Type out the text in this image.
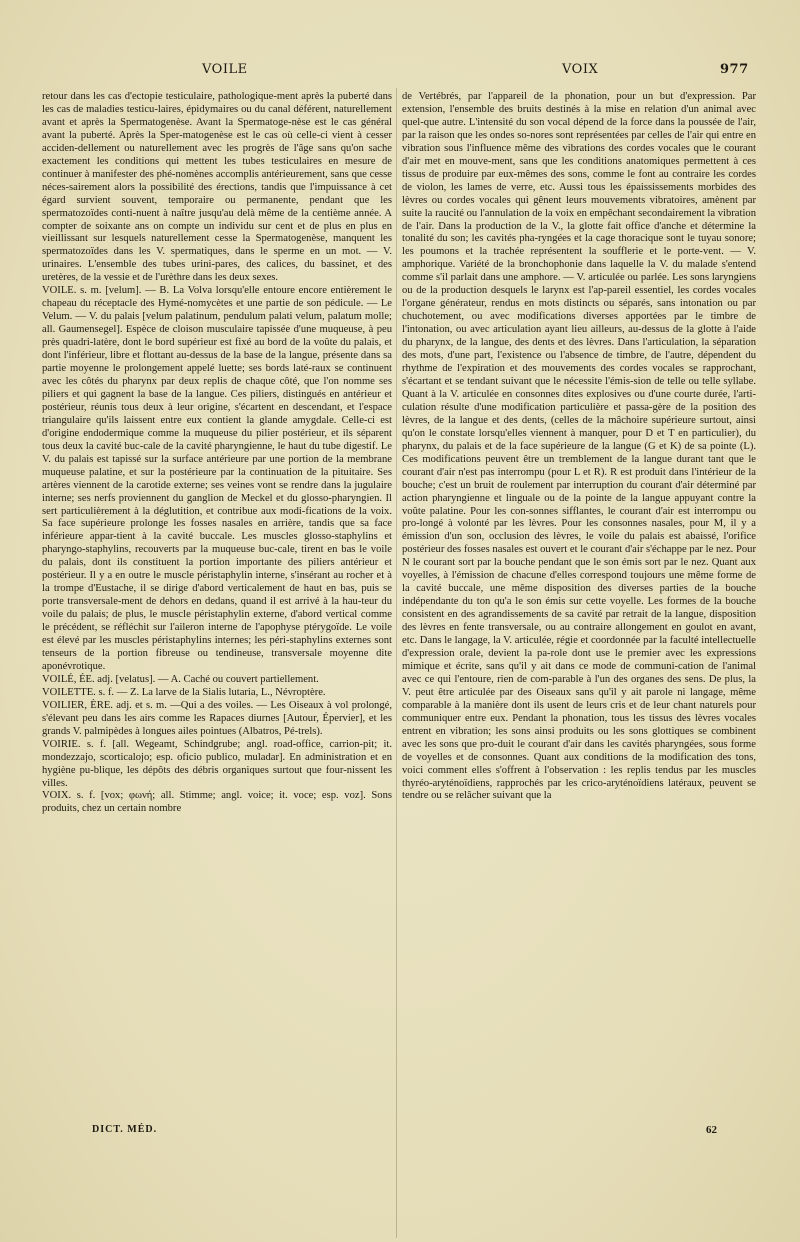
VOILE	VOIX	977

retour dans les cas d'ectopie testiculaire, pathologique-ment après la puberté dans les cas de maladies testicu-laires, épidymaires ou du canal déférent, naturellement avant et après la Spermatogenèse. Avant la Spermatoge-nèse est le cas général avant la puberté. Après la Sper-matogenèse est le cas où celle-ci vient à cesser acciden-dellement ou naturellement avec les progrès de l'âge sans qu'on sache exactement les conditions qui mettent les tubes testiculaires en mesure de continuer à manifester des phé-nomènes accomplis antérieurement, sans que cesse néces-sairement alors la possibilité des érections, tandis que l'impuissance à cet égard survient souvent, temporaire ou permanente, pendant que les spermatozoïdes conti-nuent à naître jusqu'au delà même de la centième année. A compter de soixante ans on compte un individu sur cent et de plus en plus en vieillissant sur lesquels naturellement cesse la Spermatogenèse, manquent les spermatozoïdes dans les V. spermatiques, dans le sperme en un mot. — V. urinaires. L'ensemble des tubes urini-pares, des calices, du bassinet, et des uretères, de la vessie et de l'urèthre dans les deux sexes.

VOILE. s. m. [velum]. — B. La Volva lorsqu'elle entoure encore entièrement le chapeau du réceptacle des Hymé-nomycètes et une partie de son pédicule. — Le Velum. — V. du palais [velum palatinum, pendulum palati velum, palatum molle; all. Gaumensegel]. Espèce de cloison musculaire tapissée d'une muqueuse, à peu près quadri-latère, dont le bord supérieur est fixé au bord de la voûte du palais, et dont l'inférieur, libre et flottant au-dessus de la base de la langue, présente dans sa partie moyenne le prolongement appelé luette; ses bords laté-raux se continuent avec les côtés du pharynx par deux replis de chaque côté, que l'on nomme ses piliers et qui gagnent la base de la langue. Ces piliers, distingués en antérieur et postérieur, réunis tous deux à leur origine, s'écartent en descendant, et l'espace triangulaire qu'ils laissent entre eux contient la glande amygdale. Celle-ci est d'origine endodermique comme la muqueuse du pilier postérieur, et ils séparent tous deux la cavité buc-cale de la cavité pharyngienne, le haut du tube digestif. Le V. du palais est tapissé sur la surface antérieure par une portion de la membrane muqueuse palatine, et sur la postérieure par la continuation de la pituitaire. Ses artères viennent de la carotide externe; ses veines vont se rendre dans la jugulaire interne; ses nerfs proviennent du ganglion de Meckel et du glosso-pharyngien. Il sert particulièrement à la déglutition, et contribue aux modi-fications de la voix. Sa face supérieure prolonge les fosses nasales en arrière, tandis que sa face inférieure appar-tient à la cavité buccale. Les muscles glosso-staphylins et pharyngo-staphylins, recouverts par la muqueuse buc-cale, tirent en bas le voile du palais, dont ils constituent la portion importante des piliers antérieur et postérieur. Il y a en outre le muscle péristaphylin interne, s'insérant au rocher et à la trompe d'Eustache, il se dirige d'abord verticalement de haut en bas, puis se porte transversale-ment de dehors en dedans, quand il est arrivé à la hau-teur du voile du palais; de plus, le muscle péristaphylin externe, d'abord vertical comme le précédent, se réfléchit sur l'aileron interne de l'apophyse ptérygoïde. Le voile est élevé par les muscles péristaphylins internes; les péri-staphylins externes sont tenseurs de la portion fibreuse ou tendineuse, transversale moyenne dite aponévrotique.

VOILÉ, ÉE. adj. [velatus]. — A. Caché ou couvert partiellement.

VOILETTE. s. f. — Z. La larve de la Sialis lutaria, L., Névroptère.

VOILIER, ÈRE. adj. et s. m. —Qui a des voiles. — Les Oiseaux à vol prolongé, s'élevant peu dans les airs comme les Rapaces diurnes [Autour, Épervier], et les grands V. palmipèdes à longues ailes pointues (Albatros, Pé-trels).

VOIRIE. s. f. [all. Wegeamt, Schindgrube; angl. road-office, carrion-pit; it. mondezzajo, scorticalojo; esp. oficio publico, muladar]. En administration et en hygiène pu-blique, les dépôts des débris organiques surtout que four-nissent les villes.

VOIX. s. f. [vox; φωνή; all. Stimme; angl. voice; it. voce; esp. voz]. Sons produits, chez un certain nombre

de Vertébrés, par l'appareil de la phonation, pour un but d'expression. Par extension, l'ensemble des bruits destinés à la mise en relation d'un animal avec quel-que autre. L'intensité du son vocal dépend de la force dans la poussée de l'air, par la raison que les ondes so-nores sont représentées par celles de l'air qui entre en vibration sous l'influence même des vibrations des cordes vocales que le courant d'air met en mouve-ment, sans que les conditions anatomiques permettent à ces tissus de produire par eux-mêmes des sons, comme le font au contraire les cordes de violon, les lames de verre, etc. Aussi tous les épaississements morbides des lèvres ou cordes vocales qui gênent leurs mouvements vibratoires, amènent par suite la raucité ou l'annulation de la voix en empêchant secondairement la vibration de l'air. Dans la production de la V., la glotte fait office d'anche et détermine la tonalité du son; les cavités pha-ryngées et la cage thoracique sont le tuyau sonore; les poumons et la trachée représentent la soufflerie et le porte-vent. — V. amphorique. Variété de la bronchophonie dans laquelle la V. du malade s'entend comme s'il parlait dans une amphore. — V. articulée ou parlée. Les sons laryngiens ou de la production desquels le larynx est l'ap-pareil essentiel, les cordes vocales l'organe générateur, rendus en mots distincts ou séparés, sans intonation ou par chuchotement, ou avec modifications diverses apportées par le timbre de l'intonation, ou avec articulation ayant lieu ailleurs, au-dessus de la glotte à l'aide du pharynx, de la langue, des dents et des lèvres. Dans l'articulation, la séparation des mots, d'une part, l'existence ou l'absence de timbre, de l'autre, dépendent du rhythme de l'expiration et des mouvements des cordes vocales se rapprochant, s'écartant et se tendant suivant que le nécessite l'émis-sion de telle ou telle syllabe. Quant à la V. articulée en consonnes dites explosives ou d'une courte durée, l'arti-culation résulte d'une modification particulière et passa-gère de la position des lèvres, de la langue et des dents, (celles de la mâchoire supérieure surtout, ainsi qu'on le constate lorsqu'elles viennent à manquer, pour D et T en particulier), du pharynx, du palais et de la face supérieure de la langue (G et K) de sa pointe (L). Ces modifications peuvent être un tremblement de la langue durant tant que le courant d'air n'est pas interrompu (pour L et R). R est produit dans l'intérieur de la bouche; c'est un bruit de roulement par interruption du courant d'air déterminé par action pharyngienne et linguale ou de la pointe de la langue appuyant contre la voûte palatine. Pour les con-sonnes sifflantes, le courant d'air est interrompu ou pro-longé à volonté par les lèvres. Pour les consonnes nasales, pour M, il y a émission d'un son, occlusion des lèvres, le voile du palais est abaissé, l'orifice postérieur des fosses nasales est ouvert et le courant d'air s'échappe par le nez. Pour N le courant sort par la bouche pendant que le son émis sort par le nez. Quant aux voyelles, à l'émission de chacune d'elles correspond toujours une même forme de la cavité buccale, une même disposition des diverses parties de la bouche indépendante du ton qu'a le son émis sur cette voyelle. Les formes de la bouche consistent en des agrandissements de sa cavité par retrait de la langue, disposition des lèvres en fente transversale, ou au contraire allongement en goulot en avant, etc. Dans le langage, la V. articulée, régie et coordonnée par la faculté intellectuelle d'expression orale, devient la pa-role dont use le premier avec les expressions mimique et écrite, sans qu'il y ait dans ce mode de communi-cation de l'animal avec ce qui l'entoure, rien de com-parable à l'un des organes des sens. De plus, la V. peut être articulée par des Oiseaux sans qu'il y ait parole ni langage, même comparable à la manière dont ils usent de leurs cris et de leur chant naturels pour communiquer entre eux. Pendant la phonation, tous les tissus des lèvres vocales entrent en vibration; les sons ainsi produits ou les sons glottiques se combinent avec les sons que pro-duit le courant d'air dans les cavités pharyngées, sous forme de voyelles et de consonnes. Quant aux conditions de la modification des tons, voici comment elles s'offrent à l'observation : les replis tendus par les muscles thyréo-aryténoïdiens, rapprochés par les crico-aryténoïdiens latéraux, peuvent se tendre ou se relâcher suivant que la

DICT. MÉD.	62
